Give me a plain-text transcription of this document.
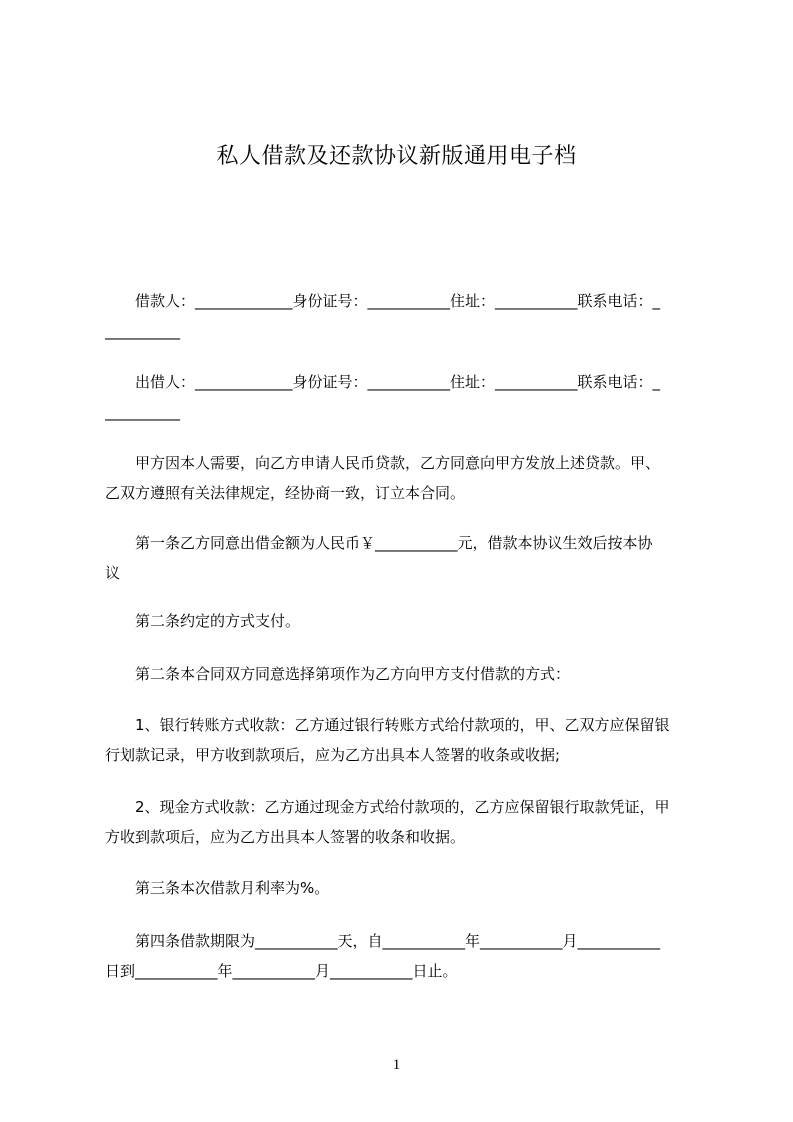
私人借款及还款协议新版通用电子档
　　借款人：_____________身份证号：___________住址：___________联系电话：_
__________
　　出借人：_____________身份证号：___________住址：___________联系电话：_
__________
　　甲方因本人需要，向乙方申请人民币贷款，乙方同意向甲方发放上述贷款。甲、
乙双方遵照有关法律规定，经协商一致，订立本合同。
　　第一条乙方同意出借金额为人民币￥___________元，借款本协议生效后按本协
议
　　第二条约定的方式支付。
　　第二条本合同双方同意选择第项作为乙方向甲方支付借款的方式：
　　1、银行转账方式收款：乙方通过银行转账方式给付款项的，甲、乙双方应保留银
行划款记录，甲方收到款项后，应为乙方出具本人签署的收条或收据;
　　2、现金方式收款：乙方通过现金方式给付款项的，乙方应保留银行取款凭证，甲
方收到款项后，应为乙方出具本人签署的收条和收据。
　　第三条本次借款月利率为%。
　　第四条借款期限为___________天，自___________年___________月___________
日到___________年___________月___________日止。
1
